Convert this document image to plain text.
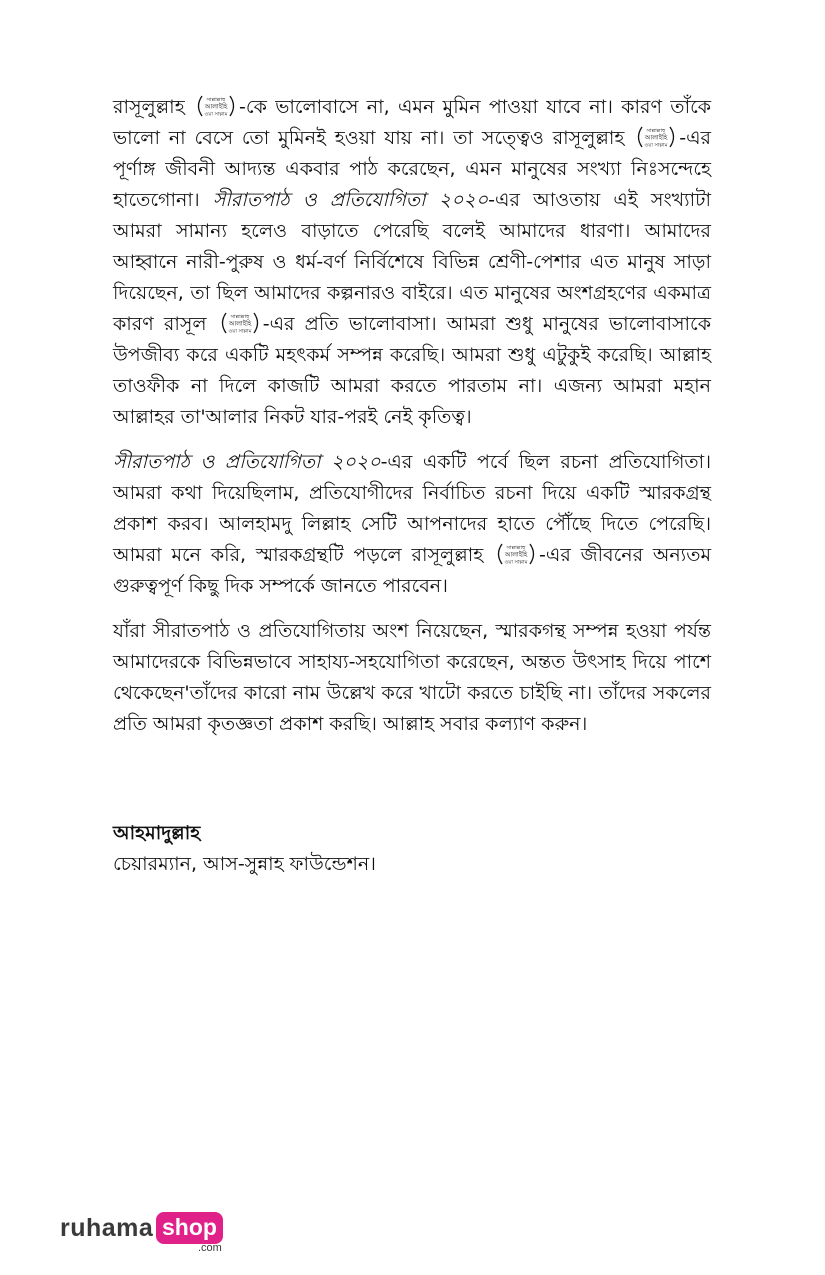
রাসূলুল্লাহ	সাল্লাল্লাহু
আলাইহি
ওয়া সাল্লাম -কে ভালোবাসে না, এমন মুমিন পাওয়া যাবে না। কারণ তাঁকে ভালো না বেসে তো মুমিনই হওয়া যায় না। তা সত্ত্বেও রাসূলুল্লাহ	সাল্লাল্লাহু
আলাইহি
ওয়া সাল্লাম -এর পূর্ণাঙ্গ জীবনী আদ্যন্ত একবার পাঠ করেছেন, এমন মানুষের সংখ্যা নিঃসন্দেহে হাতেগোনা। সীরাতপাঠ ও প্রতিযোগিতা ২০২০-এর আওতায় এই সংখ্যাটা আমরা সামান্য হলেও বাড়াতে পেরেছি বলেই আমাদের ধারণা। আমাদের আহ্বানে নারী-পুরুষ ও ধর্ম-বর্ণ নির্বিশেষে বিভিন্ন শ্রেণী-পেশার এত মানুষ সাড়া দিয়েছেন, তা ছিল আমাদের কল্পনারও বাইরে। এত মানুষের অংশগ্রহণের একমাত্র কারণ রাসূল	সাল্লাল্লাহু
আলাইহি
ওয়া সাল্লাম -এর প্রতি ভালোবাসা। আমরা শুধু মানুষের ভালোবাসাকে উপজীব্য করে একটি মহৎকর্ম সম্পন্ন করেছি। আমরা শুধু এটুকুই করেছি। আল্লাহ তাওফীক না দিলে কাজটি আমরা করতে পারতাম না। এজন্য আমরা মহান আল্লাহর তা'আলার নিকট যার-পরই নেই কৃতিত্ব।

সীরাতপাঠ ও প্রতিযোগিতা ২০২০-এর একটি পর্বে ছিল রচনা প্রতিযোগিতা। আমরা কথা দিয়েছিলাম, প্রতিযোগীদের নির্বাচিত রচনা দিয়ে একটি স্মারকগ্রন্থ প্রকাশ করব। আলহামদু লিল্লাহ সেটি আপনাদের হাতে পৌঁছে দিতে পেরেছি। আমরা মনে করি, স্মারকগ্রন্থটি পড়লে রাসূলুল্লাহ	সাল্লাল্লাহু
আলাইহি
ওয়া সাল্লাম -এর জীবনের অন্যতম গুরুত্বপূর্ণ কিছু দিক সম্পর্কে জানতে পারবেন।

যাঁরা সীরাতপাঠ ও প্রতিযোগিতায় অংশ নিয়েছেন, স্মারকগন্থ সম্পন্ন হওয়া পর্যন্ত আমাদেরকে বিভিন্নভাবে সাহায্য-সহযোগিতা করেছেন, অন্তত উৎসাহ দিয়ে পাশে থেকেছেন'তাঁদের কারো নাম উল্লেখ করে খাটো করতে চাইছি না। তাঁদের সকলের প্রতি আমরা কৃতজ্ঞতা প্রকাশ করছি। আল্লাহ সবার কল্যাণ করুন।

আহমাদুল্লাহ

চেয়ারম্যান, আস-সুন্নাহ ফাউন্ডেশন।

ruhama shop
.com
